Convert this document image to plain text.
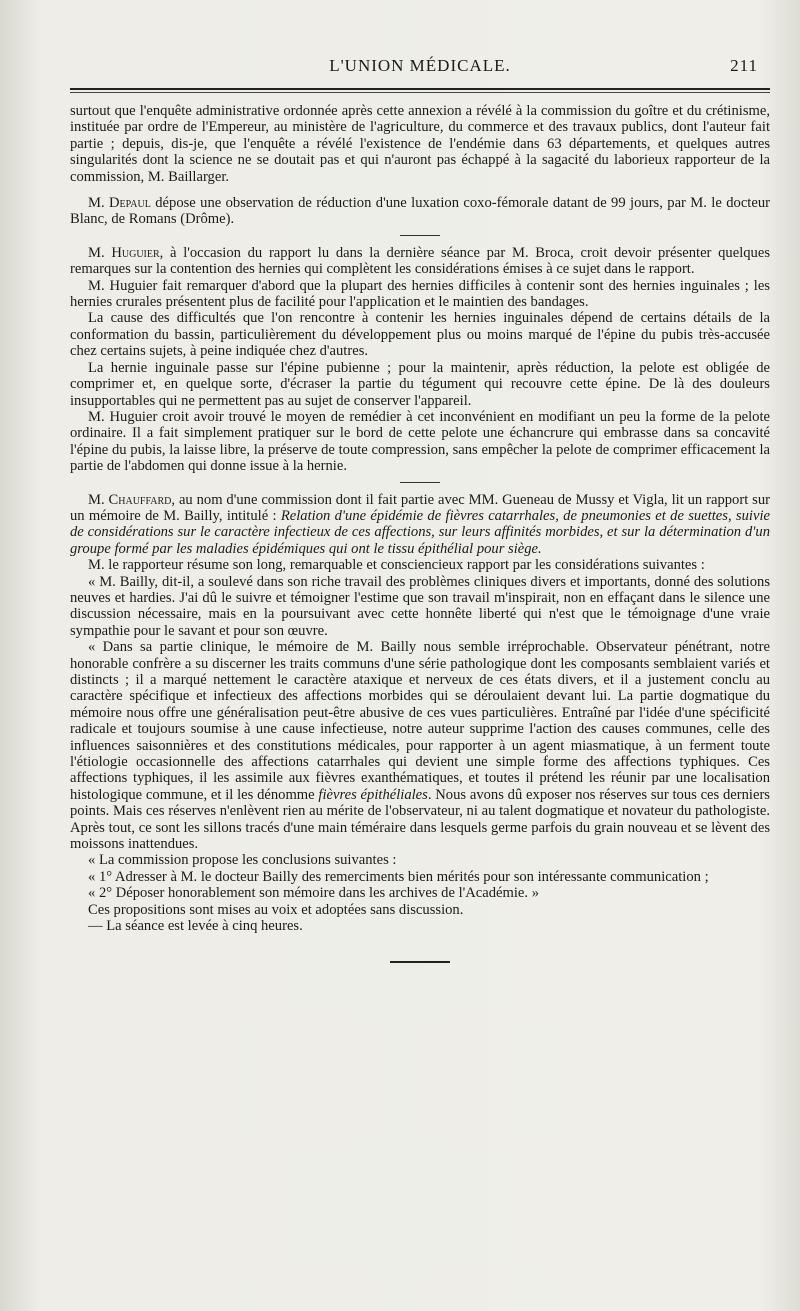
L'UNION MÉDICALE.	211

surtout que l'enquête administrative ordonnée après cette annexion a révélé à la commission du goître et du crétinisme, instituée par ordre de l'Empereur, au ministère de l'agriculture, du commerce et des travaux publics, dont l'auteur fait partie ; depuis, dis-je, que l'enquête a révélé l'existence de l'endémie dans 63 départements, et quelques autres singularités dont la science ne se doutait pas et qui n'auront pas échappé à la sagacité du laborieux rapporteur de la commission, M. Baillarger.

M. Depaul dépose une observation de réduction d'une luxation coxo-fémorale datant de 99 jours, par M. le docteur Blanc, de Romans (Drôme).

M. Huguier, à l'occasion du rapport lu dans la dernière séance par M. Broca, croit devoir présenter quelques remarques sur la contention des hernies qui complètent les considérations émises à ce sujet dans le rapport.

M. Huguier fait remarquer d'abord que la plupart des hernies difficiles à contenir sont des hernies inguinales ; les hernies crurales présentent plus de facilité pour l'application et le maintien des bandages.

La cause des difficultés que l'on rencontre à contenir les hernies inguinales dépend de certains détails de la conformation du bassin, particulièrement du développement plus ou moins marqué de l'épine du pubis très-accusée chez certains sujets, à peine indiquée chez d'autres.

La hernie inguinale passe sur l'épine pubienne ; pour la maintenir, après réduction, la pelote est obligée de comprimer et, en quelque sorte, d'écraser la partie du tégument qui recouvre cette épine. De là des douleurs insupportables qui ne permettent pas au sujet de conserver l'appareil.

M. Huguier croit avoir trouvé le moyen de remédier à cet inconvénient en modifiant un peu la forme de la pelote ordinaire. Il a fait simplement pratiquer sur le bord de cette pelote une échancrure qui embrasse dans sa concavité l'épine du pubis, la laisse libre, la préserve de toute compression, sans empêcher la pelote de comprimer efficacement la partie de l'abdomen qui donne issue à la hernie.

M. Chauffard, au nom d'une commission dont il fait partie avec MM. Gueneau de Mussy et Vigla, lit un rapport sur un mémoire de M. Bailly, intitulé : Relation d'une épidémie de fièvres catarrhales, de pneumonies et de suettes, suivie de considérations sur le caractère infectieux de ces affections, sur leurs affinités morbides, et sur la détermination d'un groupe formé par les maladies épidémiques qui ont le tissu épithélial pour siège.

M. le rapporteur résume son long, remarquable et consciencieux rapport par les considérations suivantes :

« M. Bailly, dit-il, a soulevé dans son riche travail des problèmes cliniques divers et importants, donné des solutions neuves et hardies. J'ai dû le suivre et témoigner l'estime que son travail m'inspirait, non en effaçant dans le silence une discussion nécessaire, mais en la poursuivant avec cette honnête liberté qui n'est que le témoignage d'une vraie sympathie pour le savant et pour son œuvre.

« Dans sa partie clinique, le mémoire de M. Bailly nous semble irréprochable. Observateur pénétrant, notre honorable confrère a su discerner les traits communs d'une série pathologique dont les composants semblaient variés et distincts ; il a marqué nettement le caractère ataxique et nerveux de ces états divers, et il a justement conclu au caractère spécifique et infectieux des affections morbides qui se déroulaient devant lui. La partie dogmatique du mémoire nous offre une généralisation peut-être abusive de ces vues particulières. Entraîné par l'idée d'une spécificité radicale et toujours soumise à une cause infectieuse, notre auteur supprime l'action des causes communes, celle des influences saisonnières et des constitutions médicales, pour rapporter à un agent miasmatique, à un ferment toute l'étiologie occasionnelle des affections catarrhales qui devient une simple forme des affections typhiques. Ces affections typhiques, il les assimile aux fièvres exanthématiques, et toutes il prétend les réunir par une localisation histologique commune, et il les dénomme fièvres épithéliales. Nous avons dû exposer nos réserves sur tous ces derniers points. Mais ces réserves n'enlèvent rien au mérite de l'observateur, ni au talent dogmatique et novateur du pathologiste. Après tout, ce sont les sillons tracés d'une main téméraire dans lesquels germe parfois du grain nouveau et se lèvent des moissons inattendues.

« La commission propose les conclusions suivantes :

« 1° Adresser à M. le docteur Bailly des remerciments bien mérités pour son intéressante communication ;

« 2° Déposer honorablement son mémoire dans les archives de l'Académie. »

Ces propositions sont mises au voix et adoptées sans discussion.

— La séance est levée à cinq heures.
